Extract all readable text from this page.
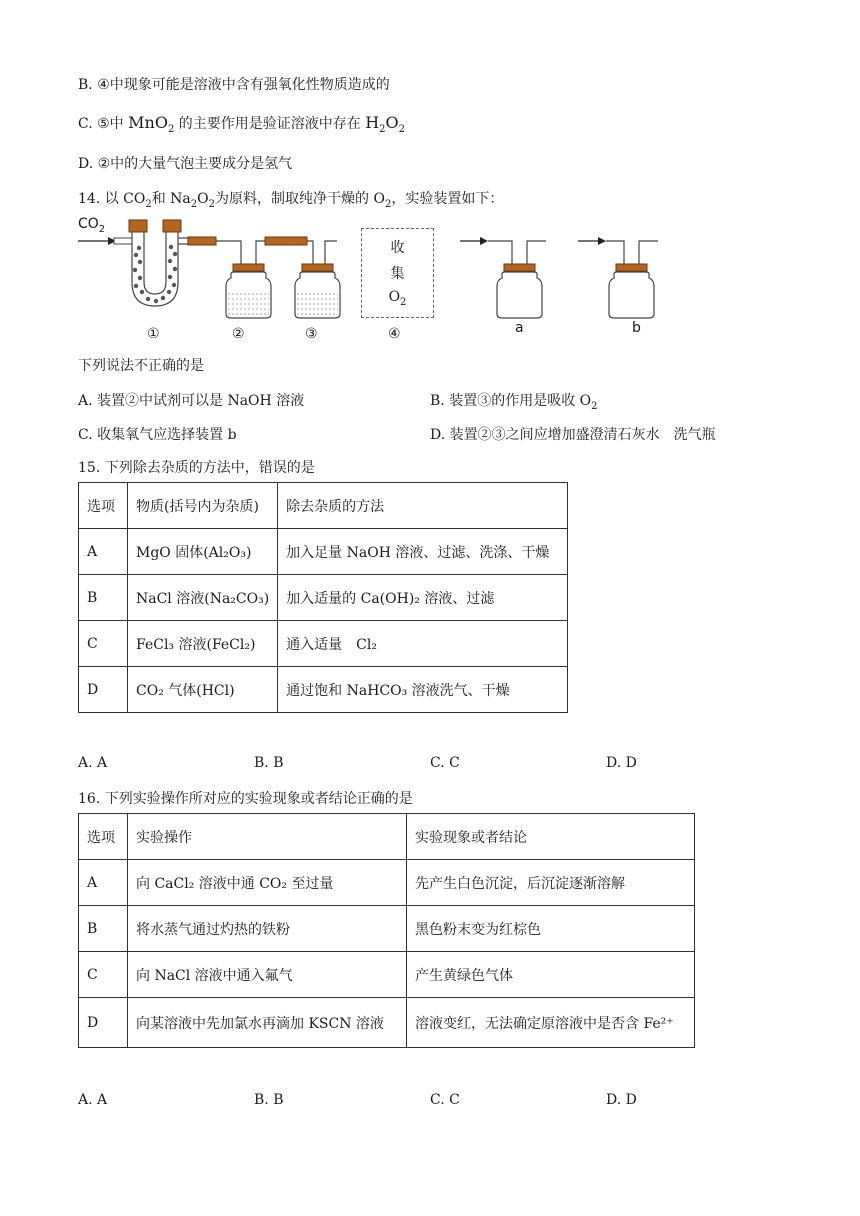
B. ④中现象可能是溶液中含有强氧化性物质造成的
C. ⑤中 MnO$_2$ 的主要作用是验证溶液中存在 $H_2O_2$
D. ②中的大量气泡主要成分是氢气
14. 以 $CO_2$和 $Na_2O_2$为原料，制取纯净干燥的 $O_2$，实验装置如下：
$CO_2$
收
集
$O_2$
①	②	③	④	a	b
下列说法不正确的是
A. 装置②中试剂可以是 NaOH 溶液	B. 装置③的作用是吸收 $O_2$
C. 收集氧气应选择装置 b	D. 装置②③之间应增加盛澄清石灰水　洗气瓶
15. 下列除去杂质的方法中，错误的是
选项	物质(括号内为杂质)	除去杂质的方法
A	MgO 固体(Al₂O₃)	加入足量 NaOH 溶液、过滤、洗涤、干燥
B	NaCl 溶液(Na₂CO₃)	加入适量的 Ca(OH)₂ 溶液、过滤
C	FeCl₃ 溶液(FeCl₂)	通入适量　Cl₂
D	CO₂ 气体(HCl)	通过饱和 NaHCO₃ 溶液洗气、干燥
A. A	B. B	C. C	D. D
16. 下列实验操作所对应的实验现象或者结论正确的是
选项	实验操作	实验现象或者结论
A	向 CaCl₂ 溶液中通 CO₂ 至过量	先产生白色沉淀，后沉淀逐渐溶解
B	将水蒸气通过灼热的铁粉	黑色粉末变为红棕色
C	向 NaCl 溶液中通入氟气	产生黄绿色气体
D	向某溶液中先加氯水再滴加 KSCN 溶液	溶液变红，无法确定原溶液中是否含 Fe²⁺
A. A	B. B	C. C	D. D
